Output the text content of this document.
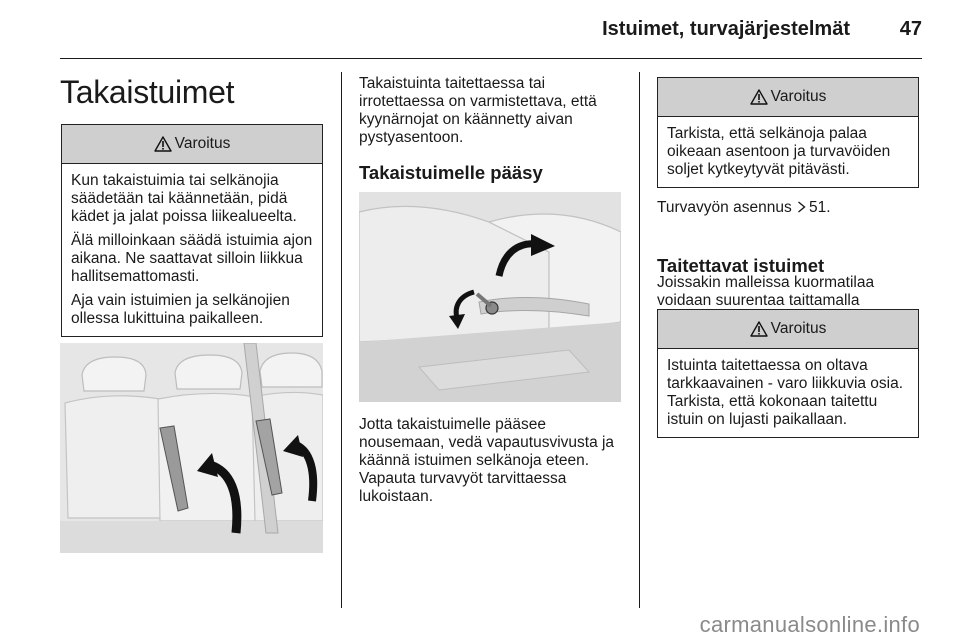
Istuimet, turvajärjestelmät 47
Takaistuimet
Varoitus

Kun takaistuimia tai selkänojia säädetään tai käännetään, pidä kädet ja jalat poissa liikealueelta.

Älä milloinkaan säädä istuimia ajon aikana. Ne saattavat silloin liikkua hallitsemattomasti.

Aja vain istuimien ja selkänojien ollessa lukittuina paikalleen.

Takaistuinta taitettaessa tai irrotettaessa on varmistettava, että kyynärnojat on käännetty aivan pystyasentoon.

Takaistuimelle pääsy

Jotta takaistuimelle pääsee nousemaan, vedä vapautusvivusta ja käännä istuimen selkänoja eteen. Vapauta turvavyöt tarvittaessa lukoistaan.

Varoitus

Tarkista, että selkänoja palaa oikeaan asentoon ja turvavöiden soljet kytkeytyvät pitävästi.

Turvavyön asennus 51.
Taitettavat istuimet

Joissakin malleissa kuormatilaa voidaan suurentaa taittamalla

Varoitus

Istuinta taitettaessa on oltava tarkkaavainen - varo liikkuvia osia.

Tarkista, että kokonaan taitettu istuin on lujasti paikallaan.

carmanualsonline.info
